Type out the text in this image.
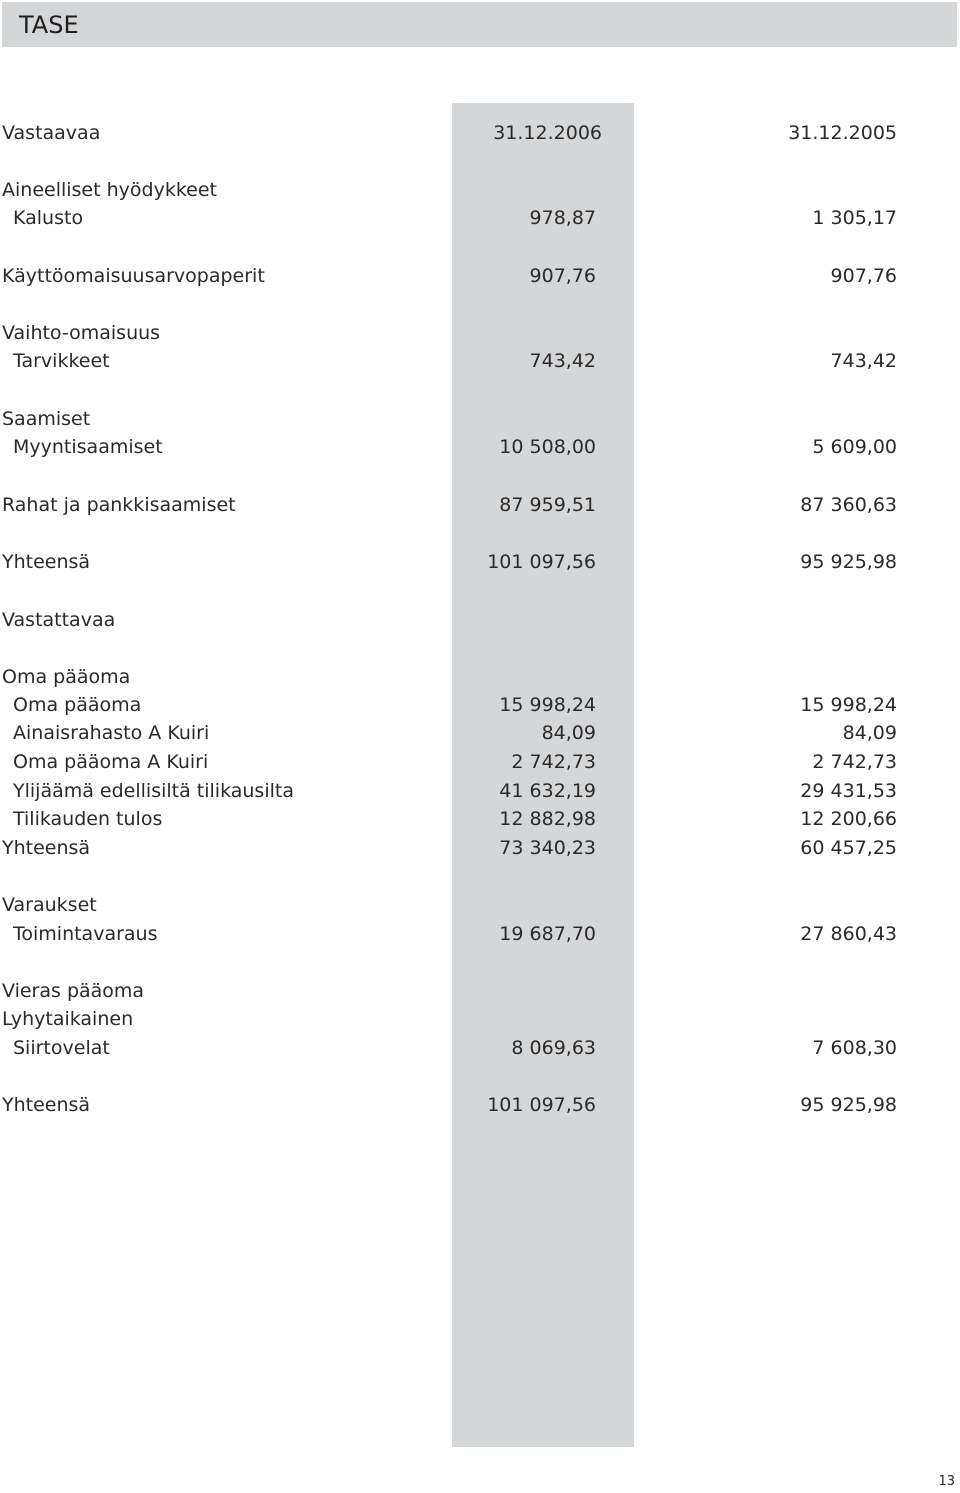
TASE
Vastaavaa	31.12.2006	31.12.2005
Aineelliset hyödykkeet
Kalusto	978,87	1 305,17
Käyttöomaisuusarvopaperit	907,76	907,76
Vaihto-omaisuus
Tarvikkeet	743,42	743,42
Saamiset
Myyntisaamiset	10 508,00	5 609,00
Rahat ja pankkisaamiset	87 959,51	87 360,63
Yhteensä	101 097,56	95 925,98
Vastattavaa
Oma pääoma
Oma pääoma	15 998,24	15 998,24
Ainaisrahasto A Kuiri	84,09	84,09
Oma pääoma A Kuiri	2 742,73	2 742,73
Ylijäämä edellisiltä tilikausilta	41 632,19	29 431,53
Tilikauden tulos	12 882,98	12 200,66
Yhteensä	73 340,23	60 457,25
Varaukset
Toimintavaraus	19 687,70	27 860,43
Vieras pääoma
Lyhytaikainen
Siirtovelat	8 069,63	7 608,30
Yhteensä	101 097,56	95 925,98
13
